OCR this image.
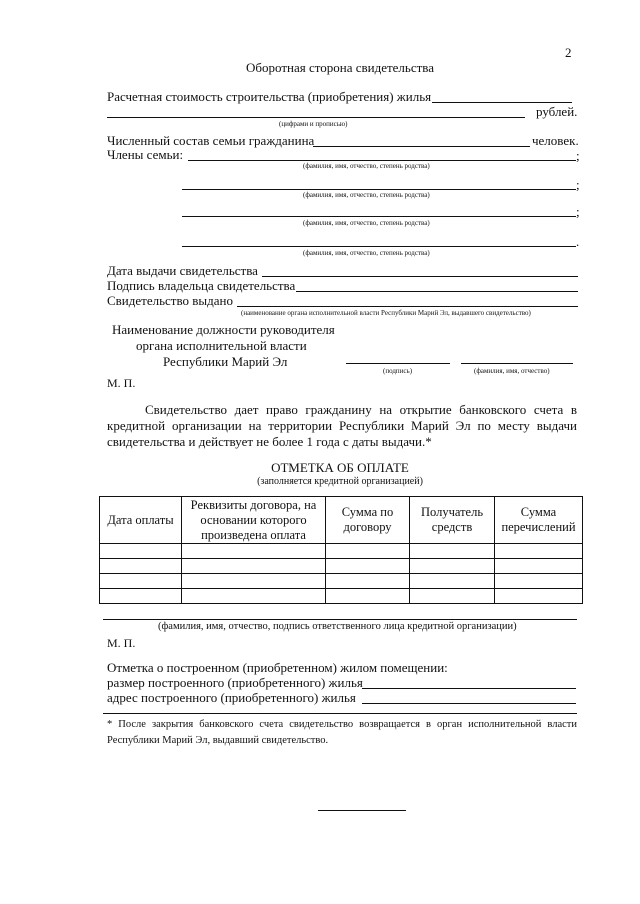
2
Оборотная сторона свидетельства
Расчетная стоимость строительства (приобретения) жилья
рублей.
(цифрами и прописью)
Численный состав семьи гражданина	человек.
Члены семьи:	;
(фамилия, имя, отчество, степень родства)
;
(фамилия, имя, отчество, степень родства)
;
(фамилия, имя, отчество, степень родства)
.
(фамилия, имя, отчество, степень родства)
Дата выдачи свидетельства
Подпись владельца свидетельства
Свидетельство выдано
(наименование органа исполнительной власти Республики Марий Эл, выдавшего свидетельство)
Наименование должности руководителя
органа исполнительной власти
Республики Марий Эл
(подпись)	(фамилия, имя, отчество)
М. П.
Свидетельство дает право гражданину на открытие банковского счета в кредитной организации на территории Республики Марий Эл по месту выдачи свидетельства и действует не более 1 года с даты выдачи.*
ОТМЕТКА ОБ ОПЛАТЕ
(заполняется кредитной организацией)
Дата оплаты	Реквизиты договора, на основании которого произведена оплата	Сумма по договору	Получатель средств	Сумма перечислений

(фамилия, имя, отчество, подпись ответственного лица кредитной организации)
М. П.
Отметка о построенном (приобретенном) жилом помещении:
размер построенного (приобретенного) жилья
адрес построенного (приобретенного) жилья
* После закрытия банковского счета свидетельство возвращается в орган исполнительной власти Республики Марий Эл, выдавший свидетельство.
